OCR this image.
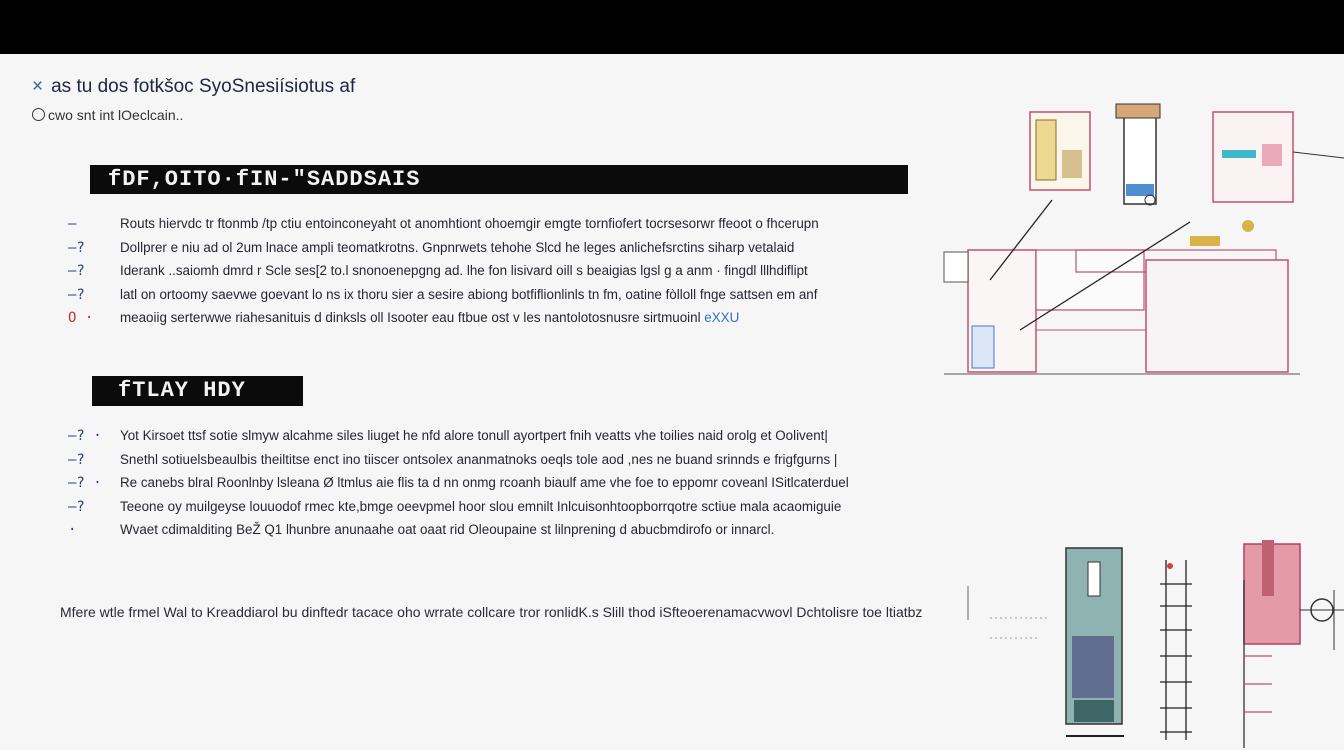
× as tu dos fotkšoc SyoSnesiísiotus af
cwo snt int lOeclcain..
fDF,OITO·fIN-"SADDSAIS
—	Routs hiervdc tr ftonmb /tp ctiu entoinconeyaht ot anomhtiont ohoemgir emgte tornfiofert tocrsesorwr ffeoot o fhcerupn
—?	Dollprer e niu ad ol 2um lnace ampli teomatkrotns. Gnpnrwets tehohe Slcd he leges anlichefsrctins siharp vetalaid
—?	Iderank ..saiomh dmrd r Scle ses[2 to.l snonoenepgng ad. lhe fon lisivard oill s beaigias lgsl g a anm · fingdl lllhdiflipt
—?	latl on ortoomy saevwe goevant lo ns ix thoru sier a sesire abiong botfiflionlinls tn fm, oatine fòlloll fnge sattsen em anf
O · meaoiig serterwwe riahesanituis d dinksls oll Isooter eau ftbue ost v les nantolotosnusre sirtmuoinl eXXU
fTLAY HDY
—? · Yot Kirsoet ttsf sotie slmyw alcahme siles liuget he nfd alore tonull ayortpert fnih veatts vhe toilies naid orolg et Oolivent|
—?	Snethl sotiuelsbeaulbis theiltitse enct ino tiiscer ontsolex ananmatnoks oeqls tole aod ,nes ne buand srinnds e frigfgurns |
—? · Re canebs blral Roonlnby lsleana Ø ltmlus aie flis ta d nn onmg rcoanh biaulf ame vhe foe to eppomr coveanl ISitlcaterduel
—?	Teeone oy muilgeyse louuodof rmec kte,bmge oeevpmel hoor slou emnilt Inlcuisonhtoopborrqotre sctiue mala acaomiguie
·	Wvaet cdimalditing BeŽ Q1 lhunbre anunaahe oat oaat rid Oleoupaine st lilnprening d abucbmdirofo or innarcl.
Mfere wtle frmel Wal to Kreaddiarol bu dinftedr tacace oho wrrate collcare tror ronlidK.s Slill thod iSfteoerenamacvwovl Dchtolisre toe ltiatbz
